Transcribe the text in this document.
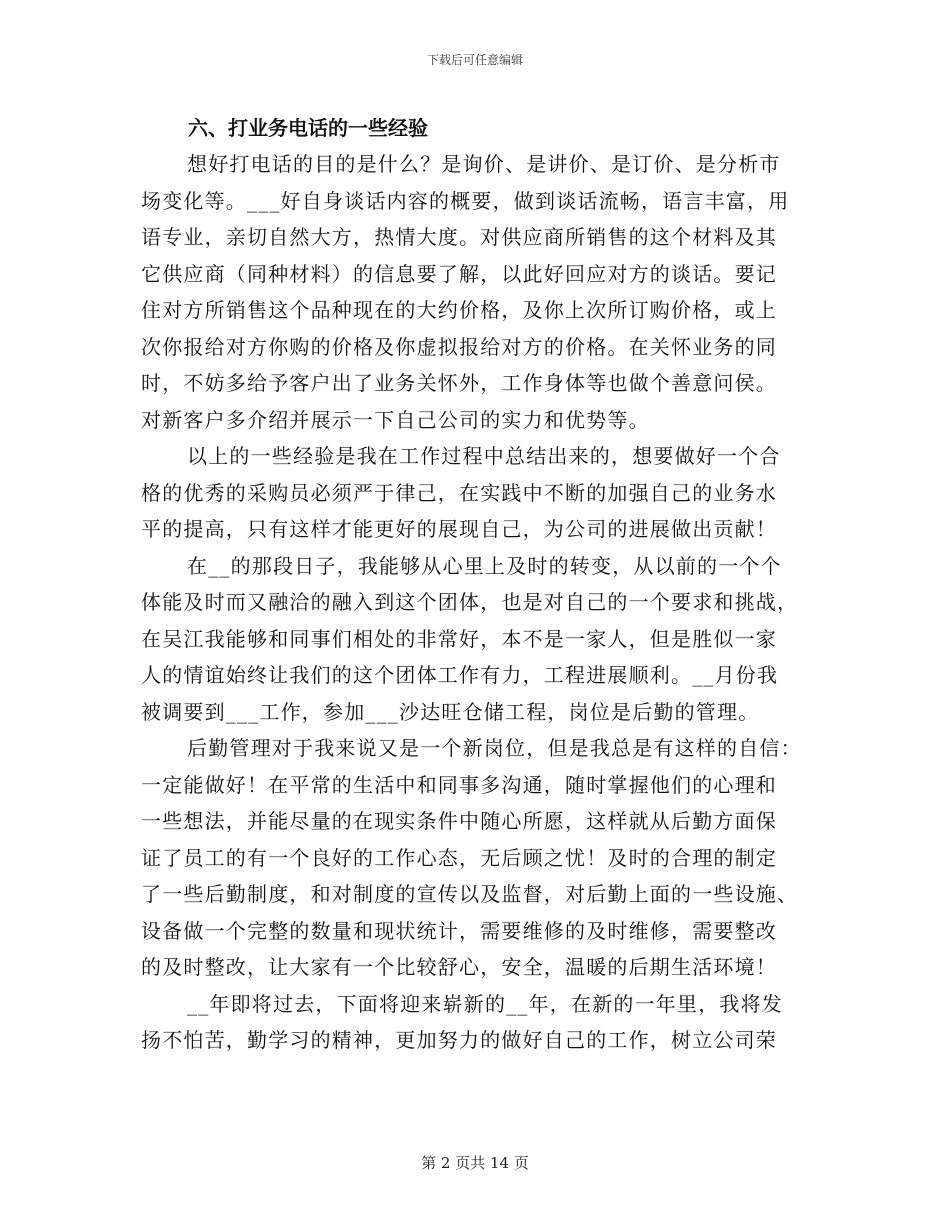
下载后可任意编辑
六、打业务电话的一些经验
想好打电话的目的是什么？是询价、是讲价、是订价、是分析市
场变化等。___好自身谈话内容的概要，做到谈话流畅，语言丰富，用
语专业，亲切自然大方，热情大度。对供应商所销售的这个材料及其
它供应商（同种材料）的信息要了解，以此好回应对方的谈话。要记
住对方所销售这个品种现在的大约价格，及你上次所订购价格，或上
次你报给对方你购的价格及你虚拟报给对方的价格。在关怀业务的同
时，不妨多给予客户出了业务关怀外，工作身体等也做个善意问侯。
对新客户多介绍并展示一下自己公司的实力和优势等。
以上的一些经验是我在工作过程中总结出来的，想要做好一个合
格的优秀的采购员必须严于律己，在实践中不断的加强自己的业务水
平的提高，只有这样才能更好的展现自己，为公司的进展做出贡献！
在__的那段日子，我能够从心里上及时的转变，从以前的一个个
体能及时而又融洽的融入到这个团体，也是对自己的一个要求和挑战，
在吴江我能够和同事们相处的非常好，本不是一家人，但是胜似一家
人的情谊始终让我们的这个团体工作有力，工程进展顺利。__月份我
被调要到___工作，参加___沙达旺仓储工程，岗位是后勤的管理。
后勤管理对于我来说又是一个新岗位，但是我总是有这样的自信：
一定能做好！在平常的生活中和同事多沟通，随时掌握他们的心理和
一些想法，并能尽量的在现实条件中随心所愿，这样就从后勤方面保
证了员工的有一个良好的工作心态，无后顾之忧！及时的合理的制定
了一些后勤制度，和对制度的宣传以及监督，对后勤上面的一些设施、
设备做一个完整的数量和现状统计，需要维修的及时维修，需要整改
的及时整改，让大家有一个比较舒心，安全，温暖的后期生活环境！
__年即将过去，下面将迎来崭新的__年，在新的一年里，我将发
扬不怕苦，勤学习的精神，更加努力的做好自己的工作，树立公司荣
第 2 页共 14 页
